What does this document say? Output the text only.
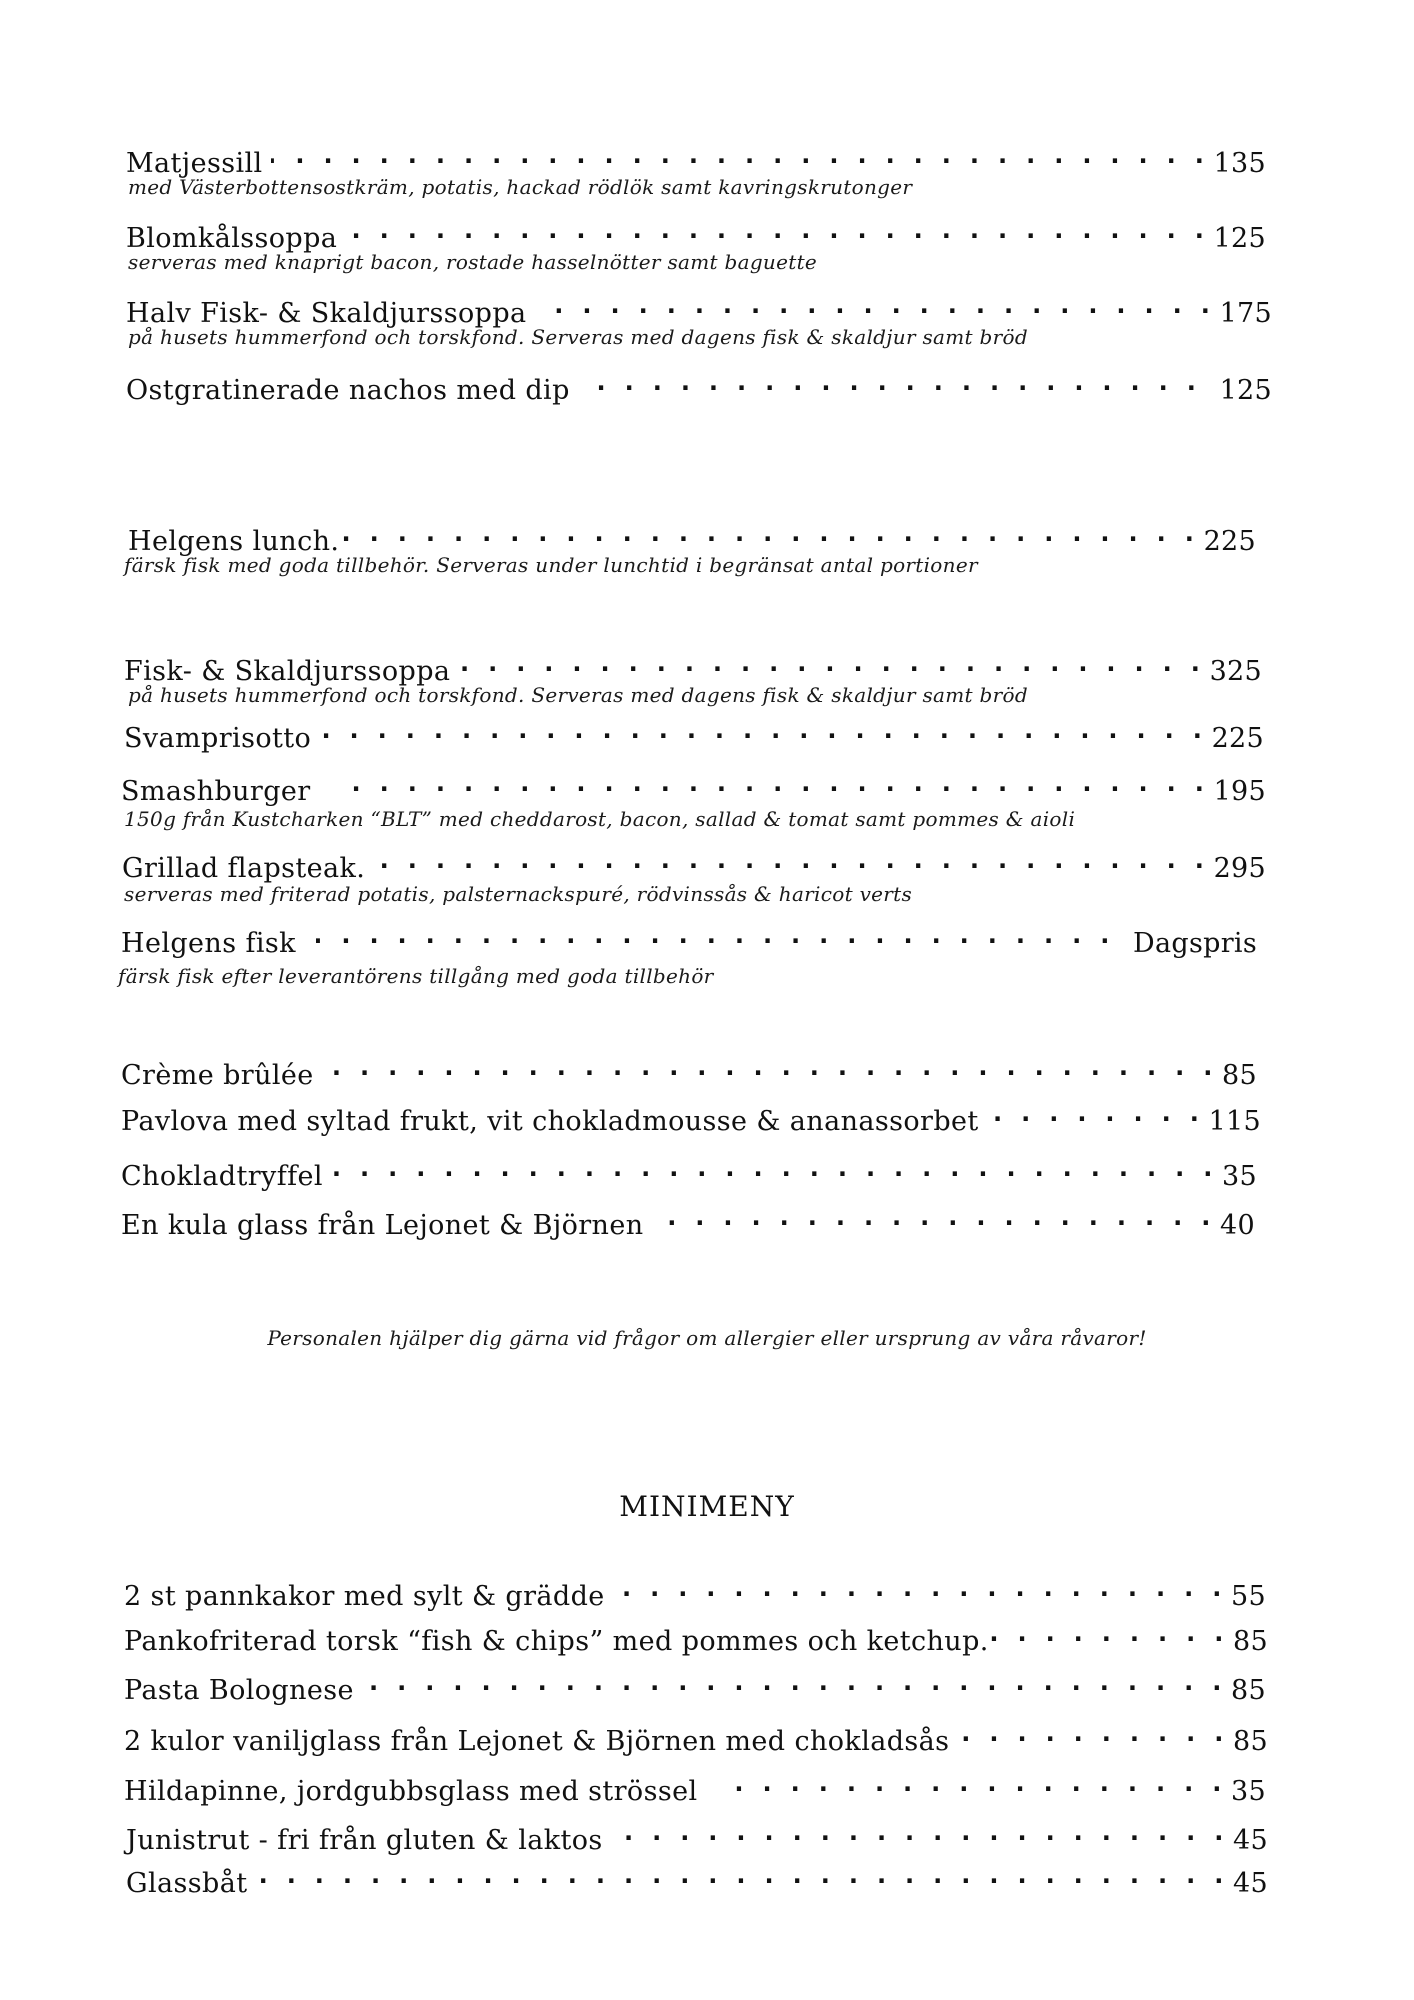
Matjessill . . .	135
med Västerbottensostkräm, potatis, hackad rödlök samt kavringskrutonger
Blomkålssoppa . . .	125
serveras med knaprigt bacon, rostade hasselnötter samt baguette
Halv Fisk- & Skaldjurssoppa . . .	175
på husets hummerfond och torskfond. Serveras med dagens fisk & skaldjur samt bröd
Ostgratinerade nachos med dip . . .	125
Helgens lunch. . . .	225
färsk fisk med goda tillbehör. Serveras under lunchtid i begränsat antal portioner
Fisk- & Skaldjurssoppa . . .	325
på husets hummerfond och torskfond. Serveras med dagens fisk & skaldjur samt bröd
Svamprisotto . . .	225
Smashburger . . .	195
150g från Kustcharken “BLT” med cheddarost, bacon, sallad & tomat samt pommes & aioli
Grillad flapsteak. . . .	295
serveras med friterad potatis, palsternackspuré, rödvinssås & haricot verts
Helgens fisk . . .	Dagspris
färsk fisk efter leverantörens tillgång med goda tillbehör
Crème brûlée . . .	85
Pavlova med syltad frukt, vit chokladmousse & ananassorbet . . .	115
Chokladtryffel . . .	35
En kula glass från Lejonet & Björnen . . .	40
Personalen hjälper dig gärna vid frågor om allergier eller ursprung av våra råvaror!
MINIMENY
2 st pannkakor med sylt & grädde . . .	55
Pankofriterad torsk “fish & chips” med pommes och ketchup. . . .	85
Pasta Bolognese . . .	85
2 kulor vaniljglass från Lejonet & Björnen med chokladsås . . .	85
Hildapinne, jordgubbsglass med strössel . . .	35
Junistrut - fri från gluten & laktos . . .	45
Glassbåt . . .	45
